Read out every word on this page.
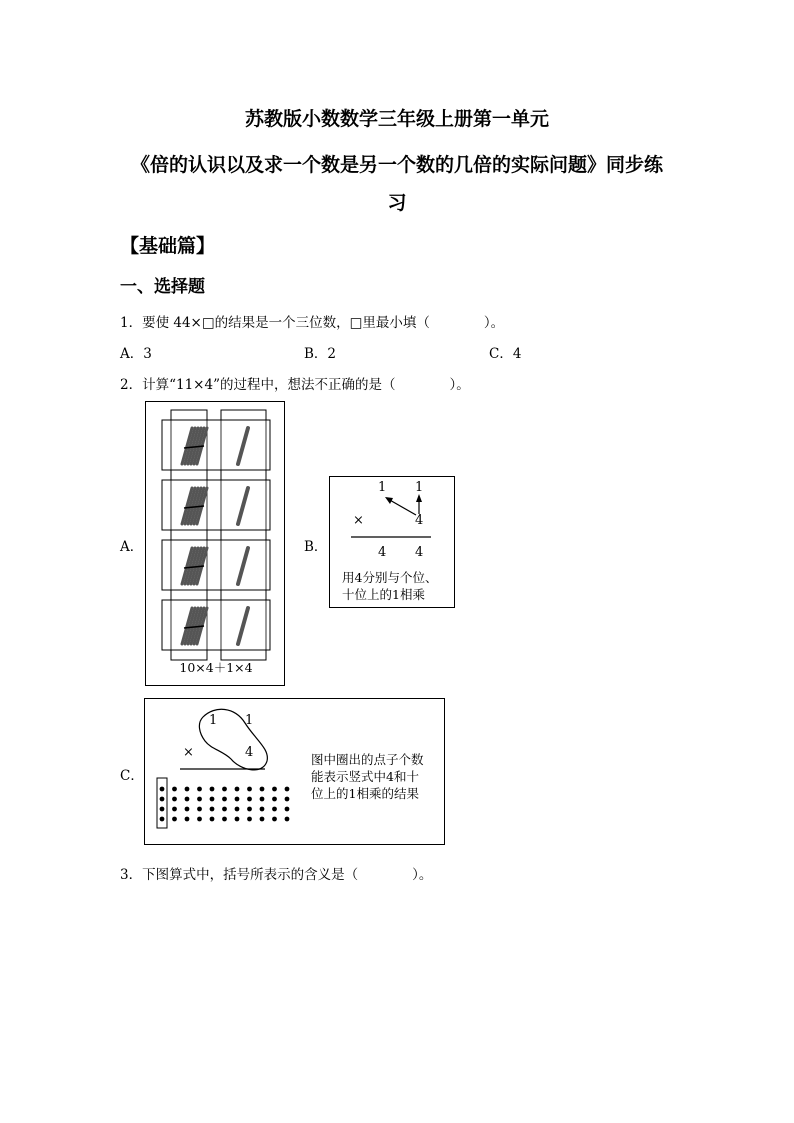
苏教版小数数学三年级上册第一单元
《倍的认识以及求一个数是另一个数的几倍的实际问题》同步练
习
【基础篇】
一、选择题
1．要使 44×□的结果是一个三位数，□里最小填（　　　　）。
A．3	B．2	C．4
2．计算“11×4”的过程中，想法不正确的是（　　　　）。
A．
10×4＋1×4
B．
1 1
×	4
4 4
用4分别与个位、
十位上的1相乘
C．
1 1
×	4	图中圈出的点子个数
能表示竖式中4和十
位上的1相乘的结果
3．下图算式中，括号所表示的含义是（　　　　）。
